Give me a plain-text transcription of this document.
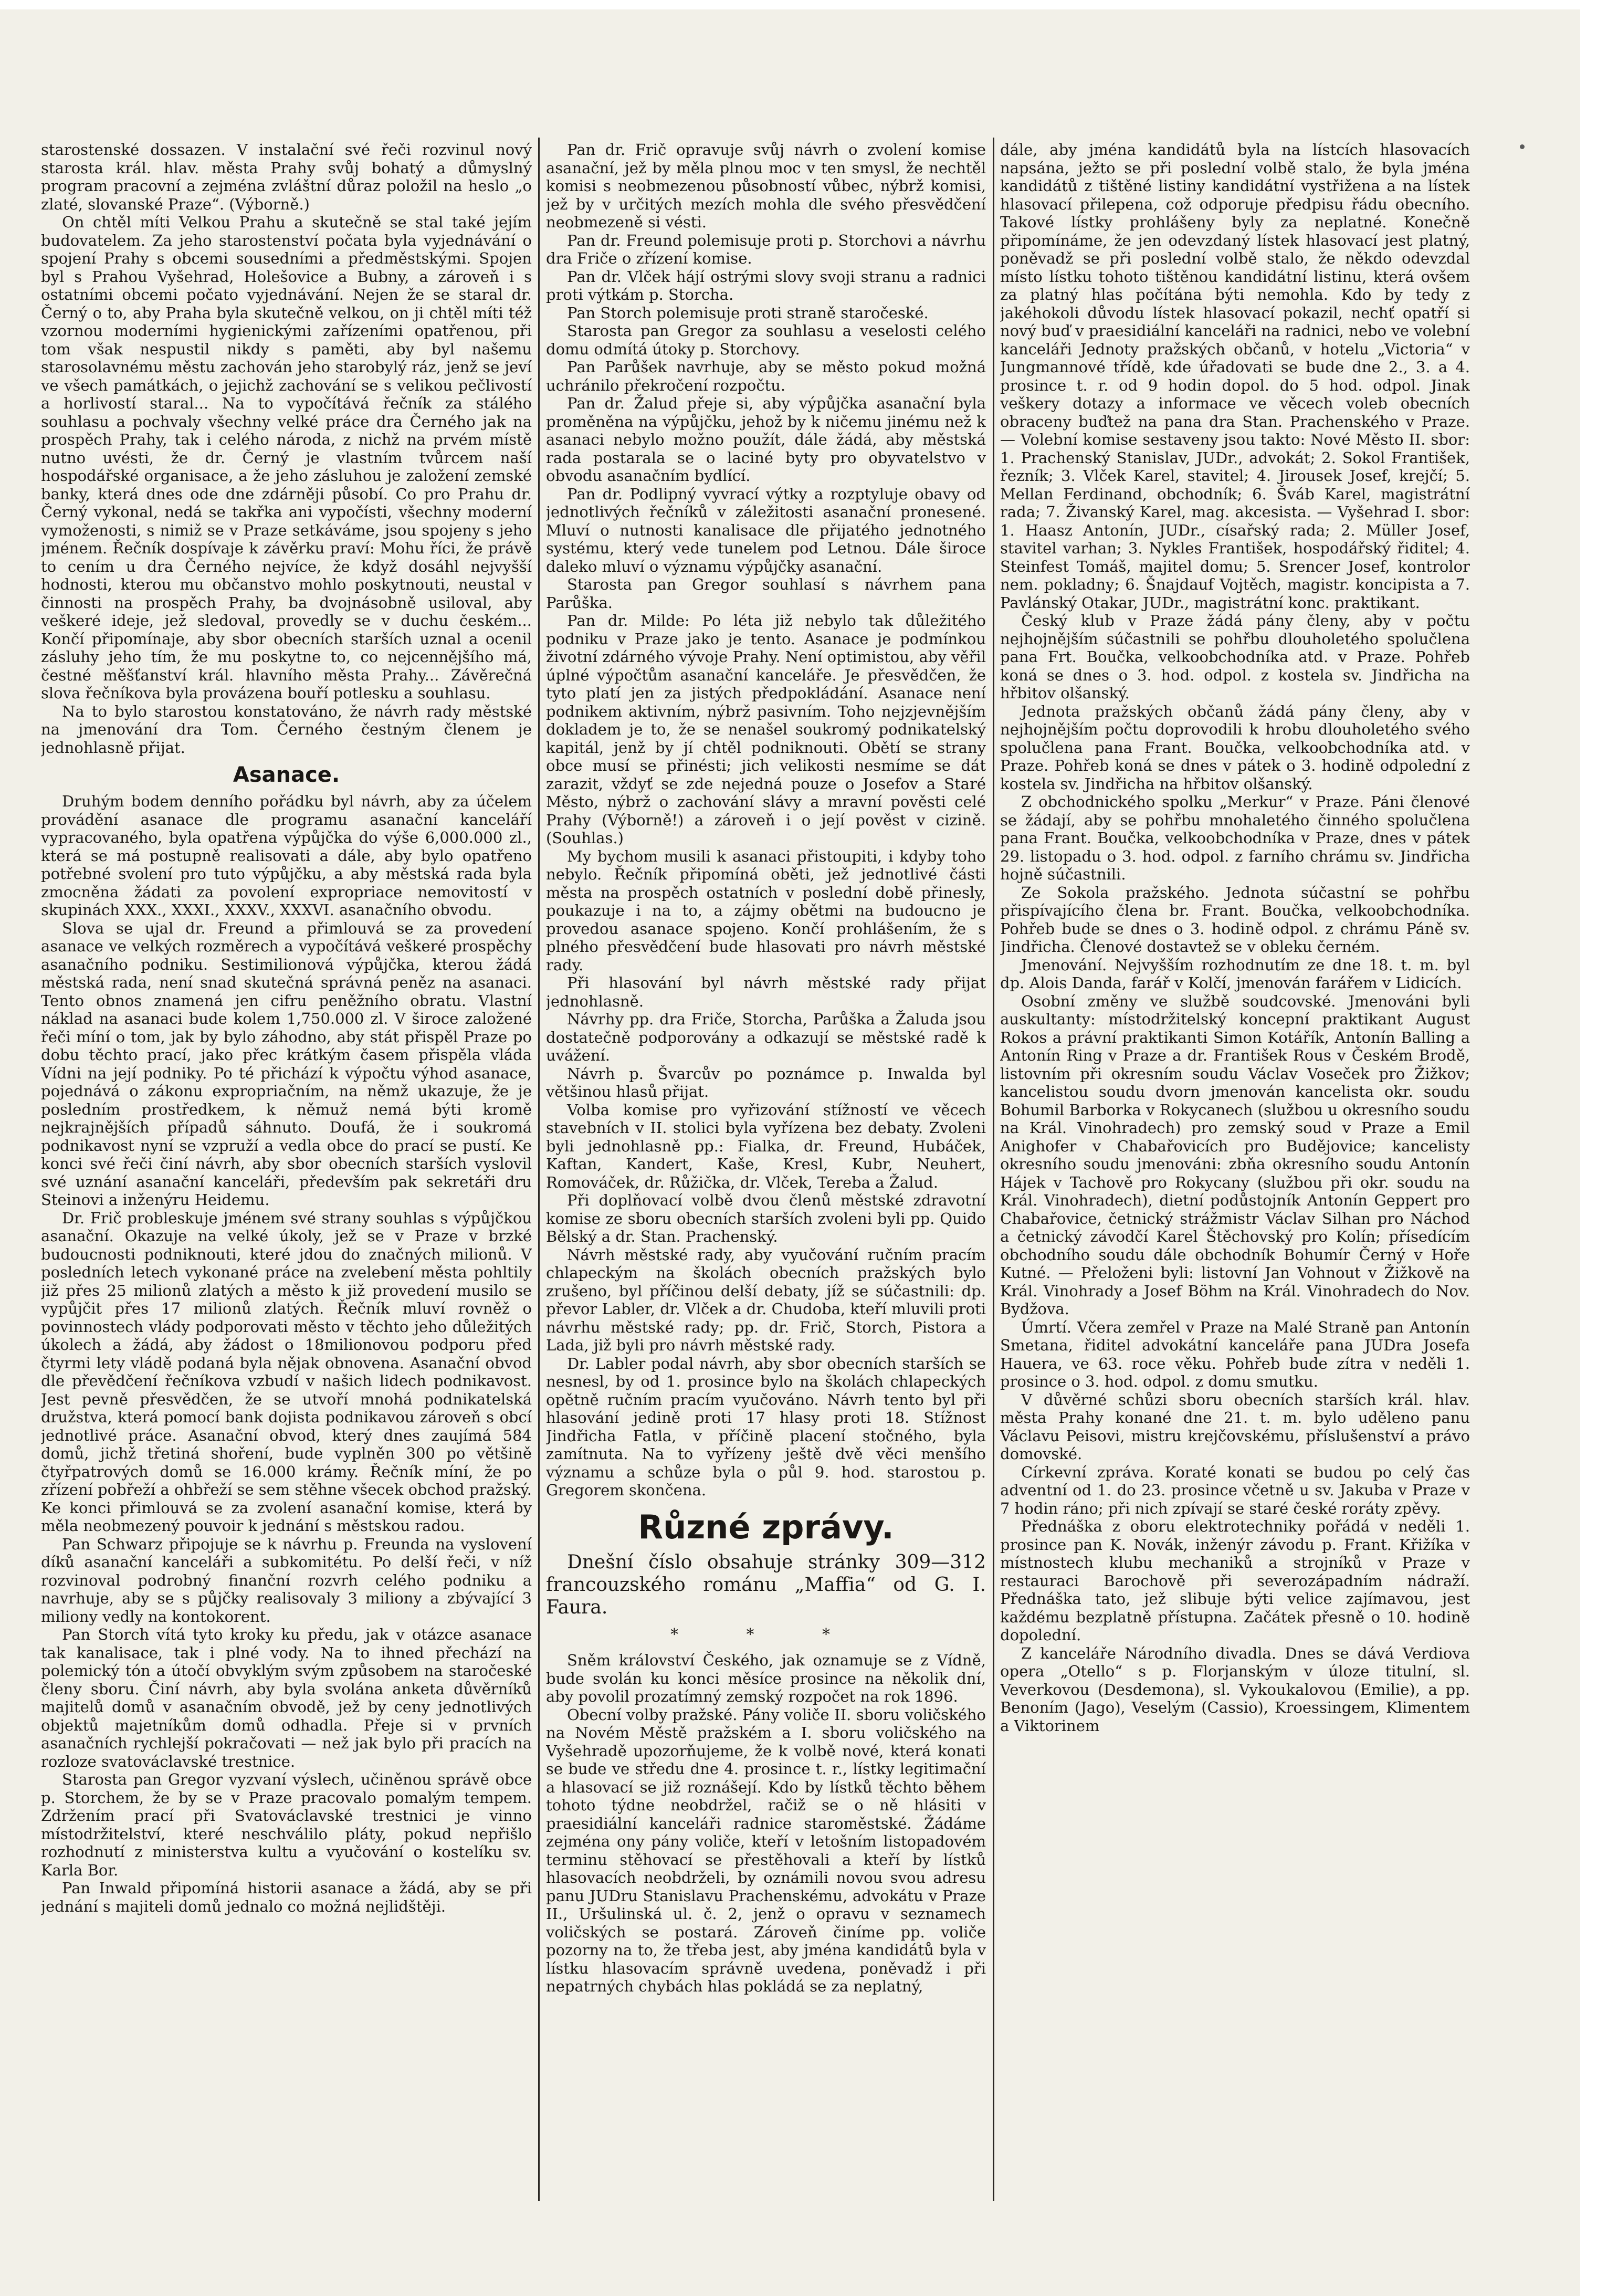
starostenské dossazen. V instalační své řeči rozvinul nový starosta král. hlav. města Prahy svůj bohatý a důmyslný program pracovní a zejména zvláštní důraz položil na heslo „o zlaté, slovanské Praze“. (Výborně.)

On chtěl míti Velkou Prahu a skutečně se stal také jejím budovatelem. Za jeho starostenství počata byla vyjednávání o spojení Prahy s obcemi sousedními a předměstskými. Spojen byl s Prahou Vyšehrad, Holešovice a Bubny, a zároveň i s ostatními obcemi počato vyjednávání. Nejen že se staral dr. Černý o to, aby Praha byla skutečně velkou, on ji chtěl míti též vzornou moderními hygienickými zařízeními opatřenou, při tom však nespustil nikdy s paměti, aby byl našemu starosolavnému městu zachován jeho starobylý ráz, jenž se jeví ve všech památkách, o jejichž zachování se s velikou pečlivostí a horlivostí staral... Na to vypočítává řečník za stálého souhlasu a pochvaly všechny velké práce dra Černého jak na prospěch Prahy, tak i celého národa, z nichž na prvém místě nutno uvésti, že dr. Černý je vlastním tvůrcem naší hospodářské organisace, a že jeho zásluhou je založení zemské banky, která dnes ode dne zdárněji působí. Co pro Prahu dr. Černý vykonal, nedá se takřka ani vypočísti, všechny moderní vymoženosti, s nimiž se v Praze setkáváme, jsou spojeny s jeho jménem. Řečník dospívaje k závěrku praví: Mohu říci, že právě to cením u dra Černého nejvíce, že když dosáhl nejvyšší hodnosti, kterou mu občanstvo mohlo poskytnouti, neustal v činnosti na prospěch Prahy, ba dvojnásobně usiloval, aby veškeré ideje, jež sledoval, provedly se v duchu českém... Končí připomínaje, aby sbor obecních starších uznal a ocenil zásluhy jeho tím, že mu poskytne to, co nejcennějšího má, čestné měšťanství král. hlavního města Prahy... Závěrečná slova řečníkova byla provázena bouří potlesku a souhlasu.

Na to bylo starostou konstatováno, že návrh rady městské na jmenování dra Tom. Černého čestným členem je jednohlasně přijat.

Asanace.

Druhým bodem denního pořádku byl návrh, aby za účelem provádění asanace dle programu asanační kanceláří vypracovaného, byla opatřena výpůjčka do výše 6,000.000 zl., která se má postupně realisovati a dále, aby bylo opatřeno potřebné svolení pro tuto výpůjčku, a aby městská rada byla zmocněna žádati za povolení expropriace nemovitostí v skupinách XXX., XXXI., XXXV., XXXVI. asanačního obvodu.

Slova se ujal dr. Freund a přimlouvá se za provedení asanace ve velkých rozměrech a vypočítává veškeré prospěchy asanačního podniku. Sestimilionová výpůjčka, kterou žádá městská rada, není snad skutečná správná peněz na asanaci. Tento obnos znamená jen cifru peněžního obratu. Vlastní náklad na asanaci bude kolem 1,750.000 zl. V široce založené řeči míní o tom, jak by bylo záhodno, aby stát přispěl Praze po dobu těchto prací, jako přec krátkým časem přispěla vláda Vídni na její podniky. Po té přichází k výpočtu výhod asanace, pojednává o zákonu expropriačním, na němž ukazuje, že je posledním prostředkem, k němuž nemá býti kromě nejkrajnějších případů sáhnuto. Doufá, že i soukromá podnikavost nyní se vzpruží a vedla obce do prací se pustí. Ke konci své řeči činí návrh, aby sbor obecních starších vyslovil své uznání asanační kanceláři, především pak sekretáři dru Steinovi a inženýru Heidemu.

Dr. Frič probleskuje jménem své strany souhlas s výpůjčkou asanační. Okazuje na velké úkoly, jež se v Praze v brzké budoucnosti podniknouti, které jdou do značných milionů. V posledních letech vykonané práce na zvelebení města pohltily již přes 25 milionů zlatých a město k již provedení musilo se vypůjčit přes 17 milionů zlatých. Řečník mluví rovněž o povinnostech vlády podporovati město v těchto jeho důležitých úkolech a žádá, aby žádost o 18milionovou podporu před čtyrmi lety vládě podaná byla nějak obnovena. Asanační obvod dle převědčení řečníkova vzbudí v našich lidech podnikavost. Jest pevně přesvědčen, že se utvoří mnohá podnikatelská družstva, která pomocí bank dojista podnikavou zároveň s obcí jednotlivé práce. Asanační obvod, který dnes zaujímá 584 domů, jichž třetiná shoření, bude vyplněn 300 po většině čtyřpatrových domů se 16.000 krámy. Řečník míní, že po zřízení pobřeží a ohbřeží se sem stěhne všecek obchod pražský. Ke konci přimlouvá se za zvolení asanační komise, která by měla neobmezený pouvoir k jednání s městskou radou.

Pan Schwarz připojuje se k návrhu p. Freunda na vyslovení díků asanační kanceláři a subkomitétu. Po delší řeči, v níž rozvinoval podrobný finanční rozvrh celého podniku a navrhuje, aby se s půjčky realisovaly 3 miliony a zbývající 3 miliony vedly na kontokorent.

Pan Storch vítá tyto kroky ku předu, jak v otázce asanace tak kanalisace, tak i plné vody. Na to ihned přechází na polemický tón a útočí obvyklým svým způsobem na staročeské členy sboru. Činí návrh, aby byla svolána anketa důvěrníků majitelů domů v asanačním obvodě, jež by ceny jednotlivých objektů majetníkům domů odhadla. Přeje si v prvních asanačních rychlejší pokračovati — než jak bylo při pracích na rozloze svatováclavské trestnice.

Starosta pan Gregor vyzvaní výslech, učiněnou správě obce p. Storchem, že by se v Praze pracovalo pomalým tempem. Zdržením prací při Svatováclavské trestnici je vinno místodržitelství, které neschválilo pláty, pokud nepřišlo rozhodnutí z ministerstva kultu a vyučování o kostelíku sv. Karla Bor.

Pan Inwald připomíná historii asanace a žádá, aby se při jednání s majiteli domů jednalo co možná nejlidštěji.

Pan dr. Frič opravuje svůj návrh o zvolení komise asanační, jež by měla plnou moc v ten smysl, že nechtěl komisi s neobmezenou působností vůbec, nýbrž komisi, jež by v určitých mezích mohla dle svého přesvědčení neobmezeně si vésti.

Pan dr. Freund polemisuje proti p. Storchovi a návrhu dra Friče o zřízení komise.

Pan dr. Vlček hájí ostrými slovy svoji stranu a radnici proti výtkám p. Storcha.

Pan Storch polemisuje proti straně staročeské.

Starosta pan Gregor za souhlasu a veselosti celého domu odmítá útoky p. Storchovy.

Pan Parůšek navrhuje, aby se město pokud možná uchránilo překročení rozpočtu.

Pan dr. Žalud přeje si, aby výpůjčka asanační byla proměněna na výpůjčku, jehož by k ničemu jinému než k asanaci nebylo možno použít, dále žádá, aby městská rada postarala se o laciné byty pro obyvatelstvo v obvodu asanačním bydlící.

Pan dr. Podlipný vyvrací výtky a rozptyluje obavy od jednotlivých řečníků v záležitosti asanační pronesené. Mluví o nutnosti kanalisace dle přijatého jednotného systému, který vede tunelem pod Letnou. Dále široce daleko mluví o významu výpůjčky asanační.

Starosta pan Gregor souhlasí s návrhem pana Parůška.

Pan dr. Milde: Po léta již nebylo tak důležitého podniku v Praze jako je tento. Asanace je podmínkou životní zdárného vývoje Prahy. Není optimistou, aby věřil úplné výpočtům asanační kanceláře. Je přesvědčen, že tyto platí jen za jistých předpokládání. Asanace není podnikem aktivním, nýbrž pasivním. Toho nejzjevnějším dokladem je to, že se nenašel soukromý podnikatelský kapitál, jenž by jí chtěl podniknouti. Obětí se strany obce musí se přinésti; jich velikosti nesmíme se dát zarazit, vždyť se zde nejedná pouze o Josefov a Staré Město, nýbrž o zachování slávy a mravní pověsti celé Prahy (Výborně!) a zároveň i o její pověst v cizině. (Souhlas.)

My bychom musili k asanaci přistoupiti, i kdyby toho nebylo. Řečník připomíná oběti, jež jednotlivé části města na prospěch ostatních v poslední době přinesly, poukazuje i na to, a zájmy obětmi na budoucno je provedou asanace spojeno. Končí prohlášením, že s plného přesvědčení bude hlasovati pro návrh městské rady.

Při hlasování byl návrh městské rady přijat jednohlasně.

Návrhy pp. dra Friče, Storcha, Parůška a Žaluda jsou dostatečně podporovány a odkazují se městské radě k uvážení.

Návrh p. Švarcův po poznámce p. Inwalda byl většinou hlasů přijat.

Volba komise pro vyřizování stížností ve věcech stavebních v II. stolici byla vyřízena bez debaty. Zvoleni byli jednohlasně pp.: Fialka, dr. Freund, Hubáček, Kaftan, Kandert, Kaše, Kresl, Kubr, Neuhert, Romováček, dr. Růžička, dr. Vlček, Tereba a Žalud.

Při doplňovací volbě dvou členů městské zdravotní komise ze sboru obecních starších zvoleni byli pp. Quido Bělský a dr. Stan. Prachenský.

Návrh městské rady, aby vyučování ručním pracím chlapeckým na školách obecních pražských bylo zrušeno, byl příčinou delší debaty, jíž se súčastnili: dp. převor Labler, dr. Vlček a dr. Chudoba, kteří mluvili proti návrhu městské rady; pp. dr. Frič, Storch, Pistora a Lada, již byli pro návrh městské rady.

Dr. Labler podal návrh, aby sbor obecních starších se nesnesl, by od 1. prosince bylo na školách chlapeckých opětně ručním pracím vyučováno. Návrh tento byl při hlasování jedině proti 17 hlasy proti 18. Stížnost Jindřicha Fatla, v příčině placení stočného, byla zamítnuta. Na to vyřízeny ještě dvě věci menšího významu a schůze byla o půl 9. hod. starostou p. Gregorem skončena.

Různé zprávy.

Dnešní číslo obsahuje stránky 309—312 francouzského románu „Maffia“ od G. I. Faura.

* * *

Sněm království Českého, jak oznamuje se z Vídně, bude svolán ku konci měsíce prosince na několik dní, aby povolil prozatímný zemský rozpočet na rok 1896.

Obecní volby pražské. Pány voliče II. sboru voličského na Novém Městě pražském a I. sboru voličského na Vyšehradě upozorňujeme, že k volbě nové, která konati se bude ve středu dne 4. prosince t. r., lístky legitimační a hlasovací se již roznášejí. Kdo by lístků těchto během tohoto týdne neobdržel, račiž se o ně hlásiti v praesidiální kanceláři radnice staroměstské. Žádáme zejména ony pány voliče, kteří v letošním listopadovém terminu stěhovací se přestěhovali a kteří by lístků hlasovacích neobdrželi, by oznámili novou svou adresu panu JUDru Stanislavu Prachenskému, advokátu v Praze II., Uršulinská ul. č. 2, jenž o opravu v seznamech voličských se postará. Zároveň činíme pp. voliče pozorny na to, že třeba jest, aby jména kandidátů byla v lístku hlasovacím správně uvedena, poněvadž i při nepatrných chybách hlas pokládá se za neplatný,

dále, aby jména kandidátů byla na lístcích hlasovacích napsána, ježto se při poslední volbě stalo, že byla jména kandidátů z tištěné listiny kandidátní vystřižena a na lístek hlasovací přilepena, což odporuje předpisu řádu obecního. Takové lístky prohlášeny byly za neplatné. Konečně připomínáme, že jen odevzdaný lístek hlasovací jest platný, poněvadž se při poslední volbě stalo, že někdo odevzdal místo lístku tohoto tištěnou kandidátní listinu, která ovšem za platný hlas počítána býti nemohla. Kdo by tedy z jakéhokoli důvodu lístek hlasovací pokazil, nechť opatří si nový buď v praesidiální kanceláři na radnici, nebo ve volební kanceláři Jednoty pražských občanů, v hotelu „Victoria“ v Jungmannové třídě, kde úřadovati se bude dne 2., 3. a 4. prosince t. r. od 9 hodin dopol. do 5 hod. odpol. Jinak veškery dotazy a informace ve věcech voleb obecních obraceny buďtež na pana dra Stan. Prachenského v Praze. — Volební komise sestaveny jsou takto: Nové Město II. sbor: 1. Prachenský Stanislav, JUDr., advokát; 2. Sokol František, řezník; 3. Vlček Karel, stavitel; 4. Jirousek Josef, krejčí; 5. Mellan Ferdinand, obchodník; 6. Šváb Karel, magistrátní rada; 7. Živanský Karel, mag. akcesista. — Vyšehrad I. sbor: 1. Haasz Antonín, JUDr., císařský rada; 2. Müller Josef, stavitel varhan; 3. Nykles František, hospodářský řiditel; 4. Steinfest Tomáš, majitel domu; 5. Srencer Josef, kontrolor nem. pokladny; 6. Šnajdauf Vojtěch, magistr. koncipista a 7. Pavlánský Otakar, JUDr., magistrátní konc. praktikant.

Český klub v Praze žádá pány členy, aby v počtu nejhojnějším súčastnili se pohřbu dlouholetého spolučlena pana Frt. Boučka, velkoobchodníka atd. v Praze. Pohřeb koná se dnes o 3. hod. odpol. z kostela sv. Jindřicha na hřbitov olšanský.

Jednota pražských občanů žádá pány členy, aby v nejhojnějším počtu doprovodili k hrobu dlouholetého svého spolučlena pana Frant. Boučka, velkoobchodníka atd. v Praze. Pohřeb koná se dnes v pátek o 3. hodině odpolední z kostela sv. Jindřicha na hřbitov olšanský.

Z obchodnického spolku „Merkur“ v Praze. Páni členové se žádají, aby se pohřbu mnohaletého činného spolučlena pana Frant. Boučka, velkoobchodníka v Praze, dnes v pátek 29. listopadu o 3. hod. odpol. z farního chrámu sv. Jindřicha hojně súčastnili.

Ze Sokola pražského. Jednota súčastní se pohřbu přispívajícího člena br. Frant. Boučka, velkoobchodníka. Pohřeb bude se dnes o 3. hodině odpol. z chrámu Páně sv. Jindřicha. Členové dostavtež se v obleku černém.

Jmenování. Nejvyšším rozhodnutím ze dne 18. t. m. byl dp. Alois Danda, farář v Kolčí, jmenován farářem v Lidicích.

Osobní změny ve službě soudcovské. Jmenováni byli auskultanty: místodržitelský koncepní praktikant August Rokos a právní praktikanti Simon Kotářík, Antonín Balling a Antonín Ring v Praze a dr. František Rous v Českém Brodě, listovním při okresním soudu Václav Voseček pro Žižkov; kancelistou soudu dvorn jmenován kancelista okr. soudu Bohumil Barborka v Rokycanech (službou u okresního soudu na Král. Vinohradech) pro zemský soud v Praze a Emil Anighofer v Chabařovicích pro Budějovice; kancelisty okresního soudu jmenováni: zbňa okresního soudu Antonín Hájek v Tachově pro Rokycany (službou při okr. soudu na Král. Vinohradech), dietní podůstojník Antonín Geppert pro Chabařovice, četnický strážmistr Václav Silhan pro Náchod a četnický závodčí Karel Štěchovský pro Kolín; přísedícím obchodního soudu dále obchodník Bohumír Černý v Hoře Kutné. — Přeloženi byli: listovní Jan Vohnout v Žižkově na Král. Vinohrady a Josef Böhm na Král. Vinohradech do Nov. Bydžova.

Úmrtí. Včera zemřel v Praze na Malé Straně pan Antonín Smetana, řiditel advokátní kanceláře pana JUDra Josefa Hauera, ve 63. roce věku. Pohřeb bude zítra v neděli 1. prosince o 3. hod. odpol. z domu smutku.

V důvěrné schůzi sboru obecních starších král. hlav. města Prahy konané dne 21. t. m. bylo uděleno panu Václavu Peisovi, mistru krejčovskému, příslušenství a právo domovské.

Církevní zpráva. Koraté konati se budou po celý čas adventní od 1. do 23. prosince včetně u sv. Jakuba v Praze v 7 hodin ráno; při nich zpívají se staré české roráty zpěvy.

Přednáška z oboru elektrotechniky pořádá v neděli 1. prosince pan K. Novák, inženýr závodu p. Frant. Křižíka v místnostech klubu mechaniků a strojníků v Praze v restauraci Barochově při severozápadním nádraží. Přednáška tato, jež slibuje býti velice zajímavou, jest každému bezplatně přístupna. Začátek přesně o 10. hodině dopolední.

Z kanceláře Národního divadla. Dnes se dává Verdiova opera „Otello“ s p. Florjanským v úloze titulní, sl. Veverkovou (Desdemona), sl. Vykoukalovou (Emilie), a pp. Benoním (Jago), Veselým (Cassio), Kroessingem, Klimentem a Viktorinem
